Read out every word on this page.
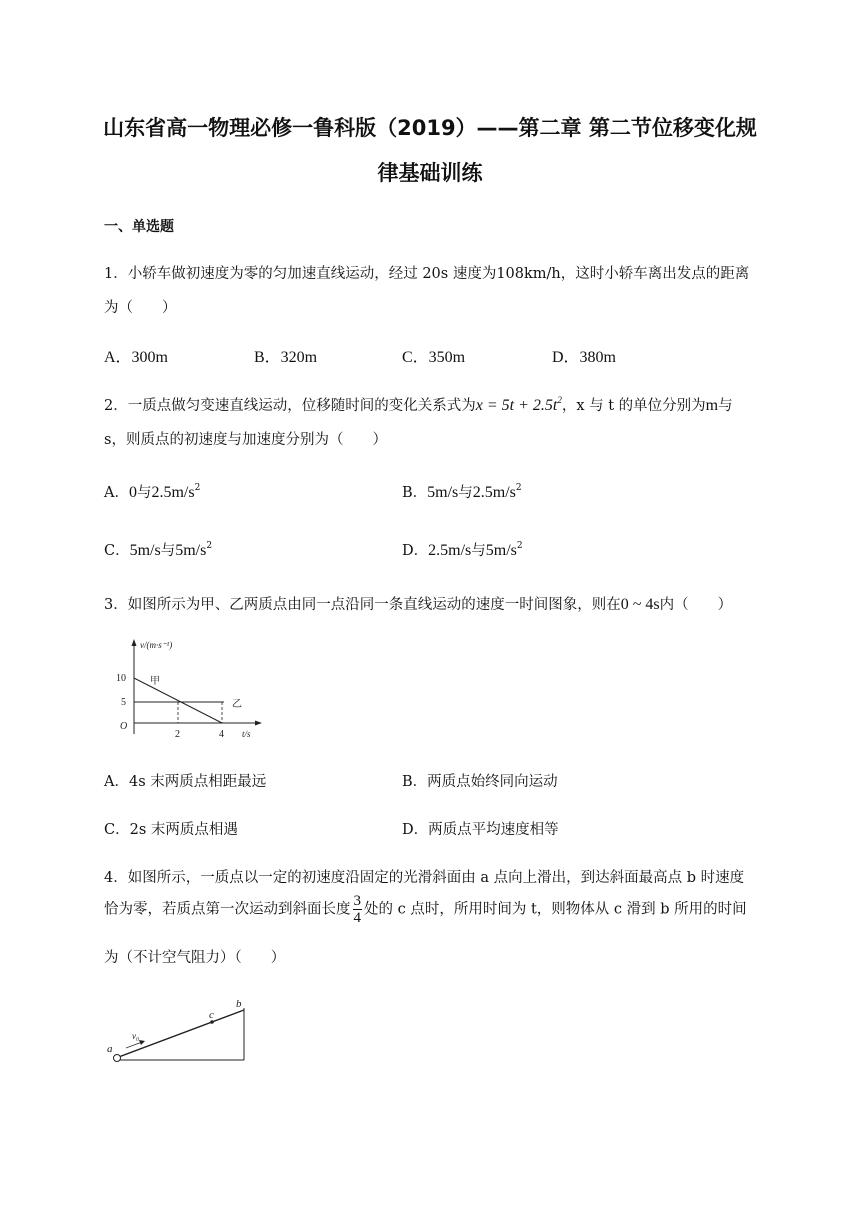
山东省高一物理必修一鲁科版（2019）——第二章 第二节位移变化规
律基础训练
一、单选题
1．小轿车做初速度为零的匀加速直线运动，经过 20s 速度为108km/h，这时小轿车离出发点的距离
为（　　）
A．300m	B．320m	C．350m	D．380m
2．一质点做匀变速直线运动，位移随时间的变化关系式为$x = 5t + 2.5t^2$，x 与 t 的单位分别为m与
s，则质点的初速度与加速度分别为（　　）
A．0与$2.5m/s^2$	B．5m/s与$2.5m/s^2$
C．5m/s与$5m/s^2$	D．2.5m/s与$5m/s^2$
3．如图所示为甲、乙两质点由同一点沿同一条直线运动的速度一时间图象，则在0 ~ 4s内（　　）
v/(m·s⁻¹)
10
5
O
2	4 t/s
甲
乙
A．4s 末两质点相距最远	B．两质点始终同向运动
C．2s 末两质点相遇	D．两质点平均速度相等
4．如图所示，一质点以一定的初速度沿固定的光滑斜面由 a 点向上滑出，到达斜面最高点 b 时速度
恰为零，若质点第一次运动到斜面长度 $\frac{3}{4}$ 处的 c 点时，所用时间为 t，则物体从 c 滑到 b 所用的时间
为（不计空气阻力）（　　）
a
b
c
v₀
